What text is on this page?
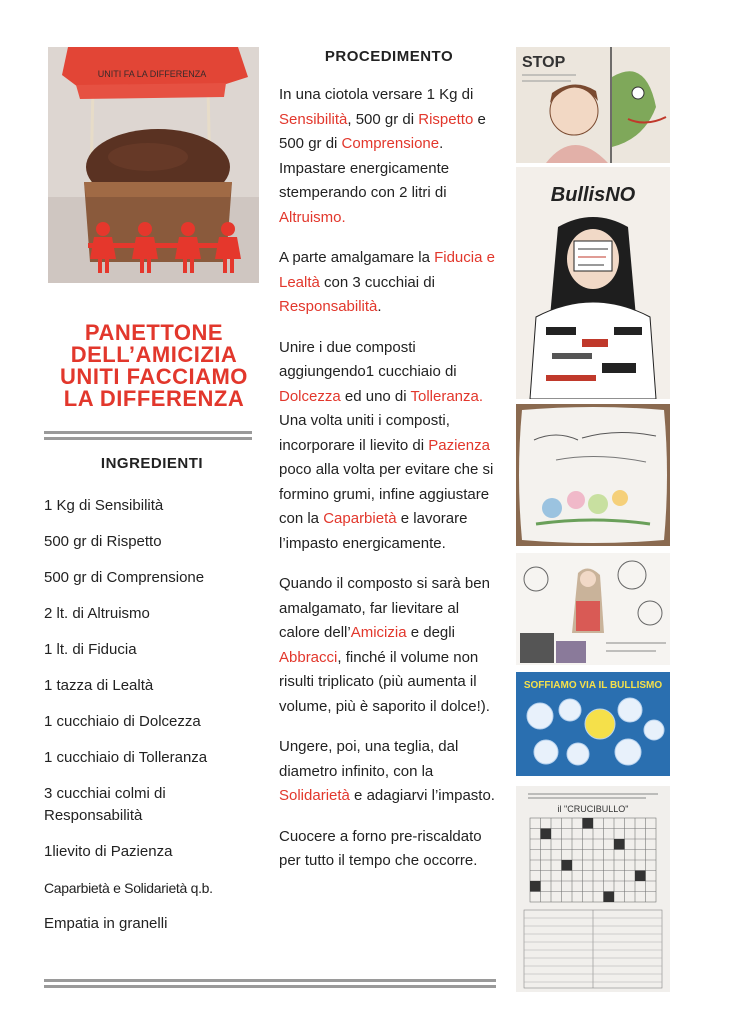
UNITI FA LA DIFFERENZA
PANETTONE
DELL’AMICIZIA
UNITI FACCIAMO
LA DIFFERENZA
INGREDIENTI
1 Kg di Sensibilità
500 gr di Rispetto
500 gr di Comprensione
2 lt. di Altruismo
1 lt. di Fiducia
1 tazza di Lealtà
1 cucchiaio di Dolcezza
1 cucchiaio di Tolleranza
3 cucchiai colmi di Responsabilità
1lievito di Pazienza
Caparbietà e Solidarietà q.b.
Empatia in granelli
PROCEDIMENTO

In una ciotola versare 1 Kg di Sensibilità, 500 gr di Rispetto e 500 gr di Comprensione. Impastare energicamente stemperando con 2 litri di Altruismo.

A parte amalgamare la Fiducia e Lealtà con 3 cucchiai di Responsabilità.

Unire i due composti aggiungendo1 cucchiaio di Dolcezza ed uno di Tolleranza. Una volta uniti i composti, incorporare il lievito di Pazienza poco alla volta per evitare che si formino grumi, infine aggiustare con la Caparbietà e lavorare l’impasto energicamente.

Quando il composto si sarà ben amalgamato, far lievitare al calore dell’Amicizia e degli Abbracci, finché il volume non risulti triplicato (più aumenta il volume, più è saporito il dolce!).

Ungere, poi, una teglia, dal diametro infinito, con la Solidarietà e adagiarvi l’impasto.

Cuocere a forno pre-riscaldato per tutto il tempo che occorre.

STOP
BullisNO
SOFFIAMO VIA IL BULLISMO
il "CRUCIBULLO"
